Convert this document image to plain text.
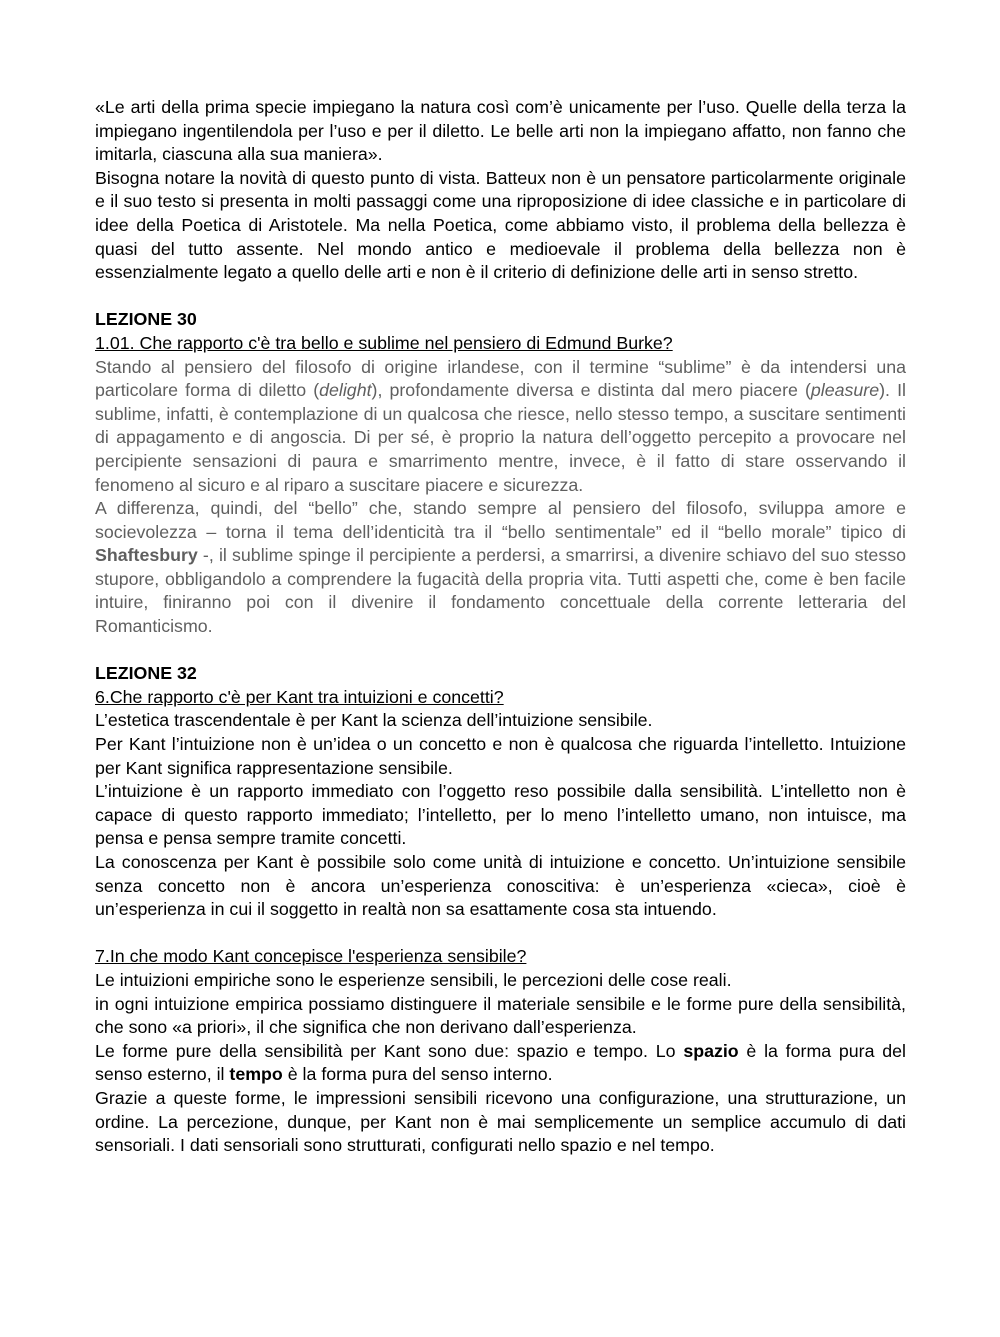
«Le arti della prima specie impiegano la natura così com’è unicamente per l’uso. Quelle della terza la impiegano ingentilendola per l’uso e per il diletto. Le belle arti non la impiegano affatto, non fanno che imitarla, ciascuna alla sua maniera».

Bisogna notare la novità di questo punto di vista. Batteux non è un pensatore particolarmente originale e il suo testo si presenta in molti passaggi come una riproposizione di idee classiche e in particolare di idee della Poetica di Aristotele. Ma nella Poetica, come abbiamo visto, il problema della bellezza è quasi del tutto assente. Nel mondo antico e medioevale il problema della bellezza non è essenzialmente legato a quello delle arti e non è il criterio di definizione delle arti in senso stretto.

LEZIONE 30

1.01. Che rapporto c'è tra bello e sublime nel pensiero di Edmund Burke?

Stando al pensiero del filosofo di origine irlandese, con il termine “sublime” è da intendersi una particolare forma di diletto (delight), profondamente diversa e distinta dal mero piacere (pleasure). Il sublime, infatti, è contemplazione di un qualcosa che riesce, nello stesso tempo, a suscitare sentimenti di appagamento e di angoscia. Di per sé, è proprio la natura dell’oggetto percepito a provocare nel percipiente sensazioni di paura e smarrimento mentre, invece, è il fatto di stare osservando il fenomeno al sicuro e al riparo a suscitare piacere e sicurezza.

A differenza, quindi, del “bello” che, stando sempre al pensiero del filosofo, sviluppa amore e socievolezza – torna il tema dell’identicità tra il “bello sentimentale” ed il “bello morale” tipico di Shaftesbury -, il sublime spinge il percipiente a perdersi, a smarrirsi, a divenire schiavo del suo stesso stupore, obbligandolo a comprendere la fugacità della propria vita. Tutti aspetti che, come è ben facile intuire, finiranno poi con il divenire il fondamento concettuale della corrente letteraria del Romanticismo.

LEZIONE 32

6.Che rapporto c'è per Kant tra intuizioni e concetti?

L’estetica trascendentale è per Kant la scienza dell’intuizione sensibile.

Per Kant l’intuizione non è un’idea o un concetto e non è qualcosa che riguarda l’intelletto. Intuizione per Kant significa rappresentazione sensibile.

L’intuizione è un rapporto immediato con l’oggetto reso possibile dalla sensibilità. L’intelletto non è capace di questo rapporto immediato; l’intelletto, per lo meno l’intelletto umano, non intuisce, ma pensa e pensa sempre tramite concetti.

La conoscenza per Kant è possibile solo come unità di intuizione e concetto. Un’intuizione sensibile senza concetto non è ancora un’esperienza conoscitiva: è un’esperienza «cieca», cioè è un’esperienza in cui il soggetto in realtà non sa esattamente cosa sta intuendo.

7.In che modo Kant concepisce l'esperienza sensibile?

Le intuizioni empiriche sono le esperienze sensibili, le percezioni delle cose reali.

in ogni intuizione empirica possiamo distinguere il materiale sensibile e le forme pure della sensibilità, che sono «a priori», il che significa che non derivano dall’esperienza.

Le forme pure della sensibilità per Kant sono due: spazio e tempo. Lo spazio è la forma pura del senso esterno, il tempo è la forma pura del senso interno.

Grazie a queste forme, le impressioni sensibili ricevono una configurazione, una strutturazione, un ordine. La percezione, dunque, per Kant non è mai semplicemente un semplice accumulo di dati sensoriali. I dati sensoriali sono strutturati, configurati nello spazio e nel tempo.
